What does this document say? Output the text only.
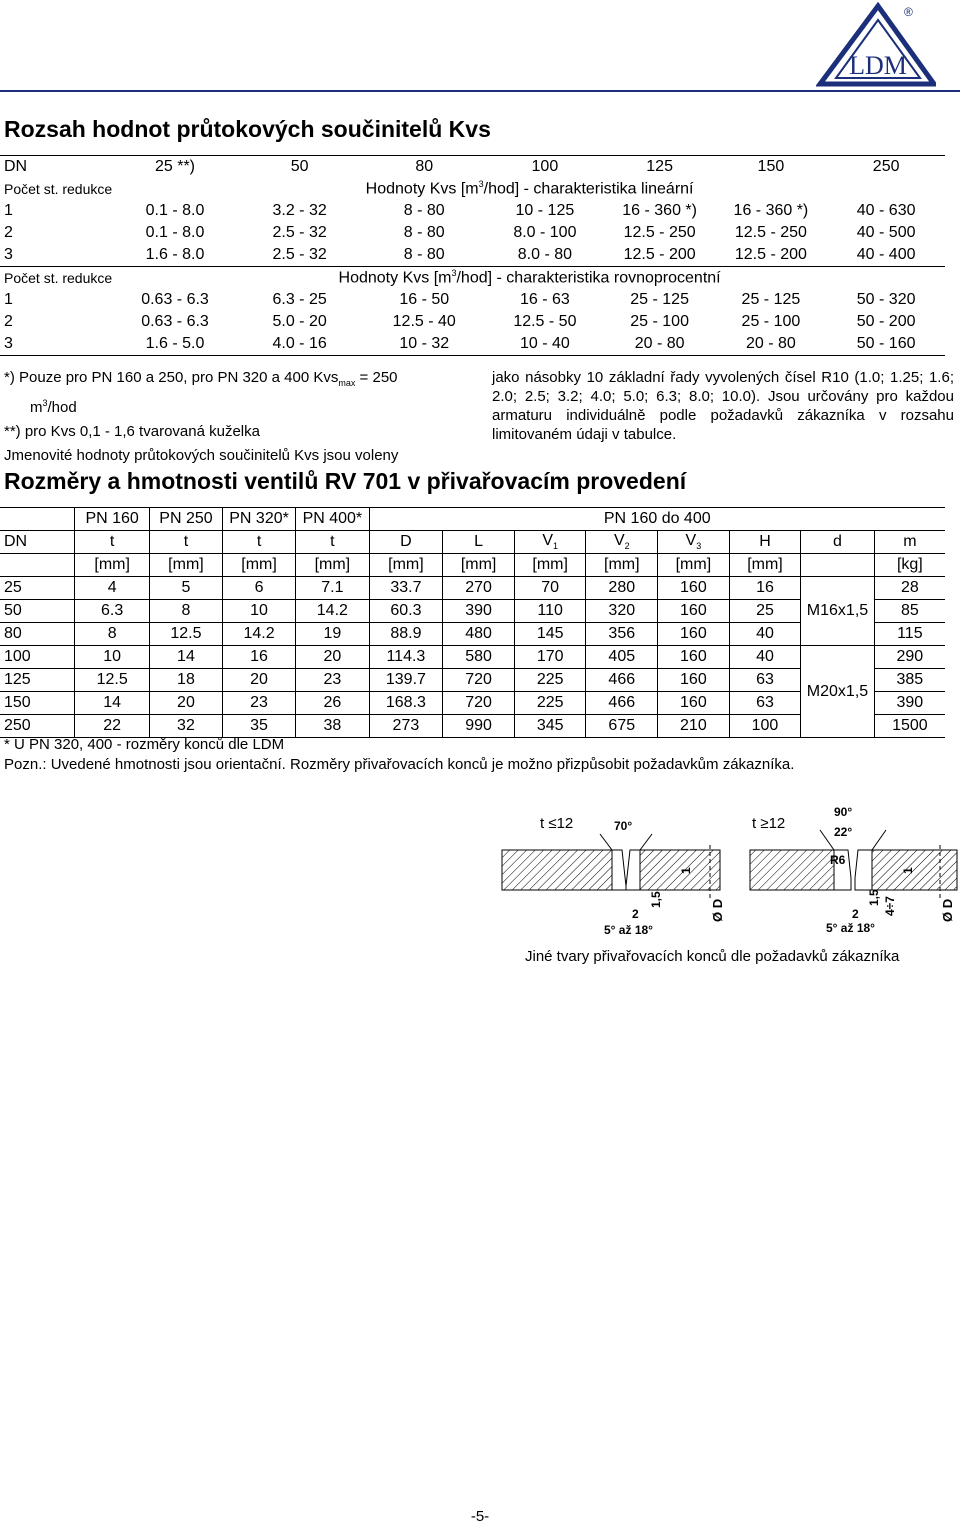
LDM
®
Rozsah hodnot průtokových součinitelů Kvs
DN	25 **)	50	80	100	125	150	250
Počet st. redukce	Hodnoty Kvs $[m^3/hod]$ - charakteristika lineární						
1	0.1 - 8.0	3.2 - 32	8 - 80	10 - 125	16 - 360 *)	16 - 360 *)	40 - 630
2	0.1 - 8.0	2.5 - 32	8 - 80	8.0 - 100	12.5 - 250	12.5 - 250	40 - 500
3	1.6 - 8.0	2.5 - 32	8 - 80	8.0 - 80	12.5 - 200	12.5 - 200	40 - 400
Počet st. redukce	Hodnoty Kvs $[m^3/hod]$ - charakteristika rovnoprocentní						
1	0.63 - 6.3	6.3 - 25	16 - 50	16 - 63	25 - 125	25 - 125	50 - 320
2	0.63 - 6.3	5.0 - 20	12.5 - 40	12.5 - 50	25 - 100	25 - 100	50 - 200
3	1.6 - 5.0	4.0 - 16	10 - 32	10 - 40	20 - 80	20 - 80	50 - 160

*) Pouze pro PN 160 a 250, pro PN 320 a 400 Kvs$_{max}$ = 250
$m^3$/hod

**) pro Kvs 0,1 - 1,6 tvarovaná kuželka

Jmenovité hodnoty průtokových součinitelů Kvs jsou voleny

jako násobky 10 základní řady vyvolených čísel R10 (1.0; 1.25; 1.6; 2.0; 2.5; 3.2; 4.0; 5.0; 6.3; 8.0; 10.0). Jsou určovány pro každou armaturu individuálně podle požadavků zákazníka v rozsahu limitovaném údaji v tabulce.

Rozměry a hmotnosti ventilů RV 701 v přivařovacím provedení
	PN 160	PN 250	PN 320*	PN 400*	PN 160 do 400							
DN	t	t	t	t	D	L	$V_1$	$V_2$	$V_3$	H	d	m
	[mm]	[mm]	[mm]	[mm]	[mm]	[mm]	[mm]	[mm]	[mm]	[mm]		[kg]
25	4	5	6	7.1	33.7	270	70	280	160	16	M16x1,5	28
50	6.3	8	10	14.2	60.3	390	110	320	160	25		85
80	8	12.5	14.2	19	88.9	480	145	356	160	40		115
100	10	14	16	20	114.3	580	170	405	160	40	M20x1,5	290
125	12.5	18	20	23	139.7	720	225	466	160	63		385
150	14	20	23	26	168.3	720	225	466	160	63		390
250	22	32	35	38	273	990	345	675	210	100		1500

* U PN 320, 400 - rozměry konců dle LDM

Pozn.: Uvedené hmotnosti jsou orientační. Rozměry přivařovacích konců je možno přizpůsobit požadavkům zákazníka.

t ≤12	70°
2
1,5
1
Ø D
5° až 18°
t ≥12
90°
22°
R6
2
1,5 4÷7
1
Ø D
5° až 18°
Jiné tvary přivařovacích konců dle požadavků zákazníka
-5-
